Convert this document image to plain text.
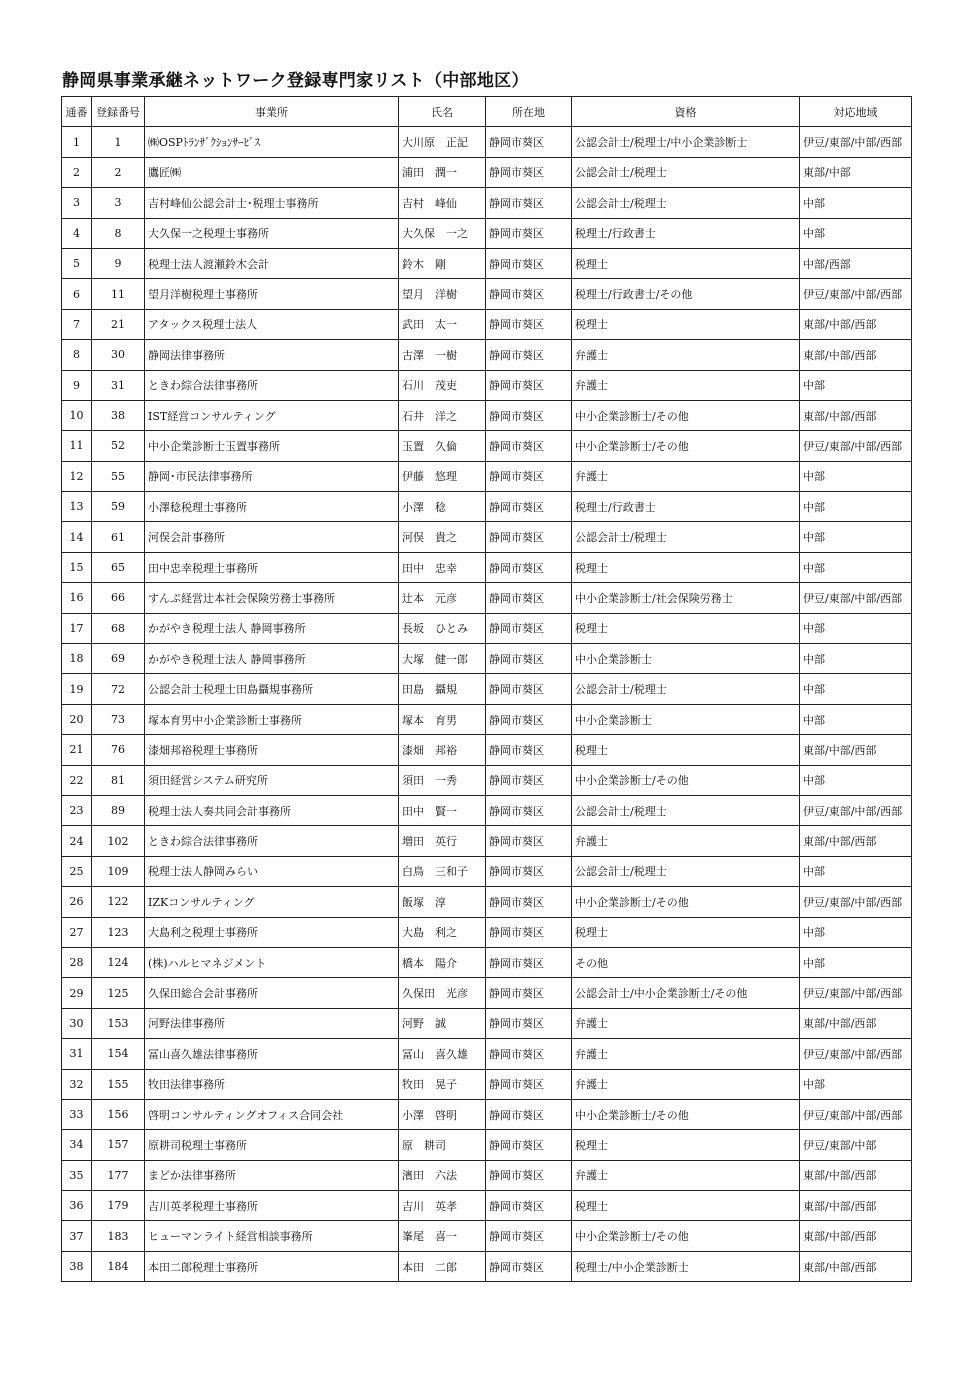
静岡県事業承継ネットワーク登録専門家リスト（中部地区）
通番	登録番号	事業所	氏名	所在地	資格	対応地域
1	1	㈱OSPﾄﾗﾝｻﾞｸｼｮﾝｻｰﾋﾞｽ	大川原　正記	静岡市葵区	公認会計士/税理士/中小企業診断士	伊豆/東部/中部/西部
2	2	鷹匠㈱	浦田　潤一	静岡市葵区	公認会計士/税理士	東部/中部
3	3	吉村峰仙公認会計士･税理士事務所	吉村　峰仙	静岡市葵区	公認会計士/税理士	中部
4	8	大久保一之税理士事務所	大久保　一之	静岡市葵区	税理士/行政書士	中部
5	9	税理士法人渡瀬鈴木会計	鈴木　剛	静岡市葵区	税理士	中部/西部
6	11	望月洋樹税理士事務所	望月　洋樹	静岡市葵区	税理士/行政書士/その他	伊豆/東部/中部/西部
7	21	アタックス税理士法人	武田　太一	静岡市葵区	税理士	東部/中部/西部
8	30	静岡法律事務所	古澤　一樹	静岡市葵区	弁護士	東部/中部/西部
9	31	ときわ綜合法律事務所	石川　茂吏	静岡市葵区	弁護士	中部
10	38	IST経営コンサルティング	石井　洋之	静岡市葵区	中小企業診断士/その他	東部/中部/西部
11	52	中小企業診断士玉置事務所	玉置　久倫	静岡市葵区	中小企業診断士/その他	伊豆/東部/中部/西部
12	55	静岡･市民法律事務所	伊藤　悠理	静岡市葵区	弁護士	中部
13	59	小澤稔税理士事務所	小澤　稔	静岡市葵区	税理士/行政書士	中部
14	61	河俣会計事務所	河俣　貴之	静岡市葵区	公認会計士/税理士	中部
15	65	田中忠幸税理士事務所	田中　忠幸	静岡市葵区	税理士	中部
16	66	すんぷ経営辻本社会保険労務士事務所	辻本　元彦	静岡市葵区	中小企業診断士/社会保険労務士	伊豆/東部/中部/西部
17	68	かがやき税理士法人 静岡事務所	長坂　ひとみ	静岡市葵区	税理士	中部
18	69	かがやき税理士法人 静岡事務所	大塚　健一郎	静岡市葵区	中小企業診断士	中部
19	72	公認会計士税理士田島攝規事務所	田島　攝規	静岡市葵区	公認会計士/税理士	中部
20	73	塚本育男中小企業診断士事務所	塚本　育男	静岡市葵区	中小企業診断士	中部
21	76	漆畑邦裕税理士事務所	漆畑　邦裕	静岡市葵区	税理士	東部/中部/西部
22	81	須田経営システム研究所	須田　一秀	静岡市葵区	中小企業診断士/その他	中部
23	89	税理士法人奏共同会計事務所	田中　賢一	静岡市葵区	公認会計士/税理士	伊豆/東部/中部/西部
24	102	ときわ綜合法律事務所	増田　英行	静岡市葵区	弁護士	東部/中部/西部
25	109	税理士法人静岡みらい	白鳥　三和子	静岡市葵区	公認会計士/税理士	中部
26	122	IZKコンサルティング	飯塚　淳	静岡市葵区	中小企業診断士/その他	伊豆/東部/中部/西部
27	123	大島利之税理士事務所	大島　利之	静岡市葵区	税理士	中部
28	124	(株)ハルヒマネジメント	橋本　陽介	静岡市葵区	その他	中部
29	125	久保田総合会計事務所	久保田　光彦	静岡市葵区	公認会計士/中小企業診断士/その他	伊豆/東部/中部/西部
30	153	河野法律事務所	河野　誠	静岡市葵区	弁護士	東部/中部/西部
31	154	冨山喜久雄法律事務所	冨山　喜久雄	静岡市葵区	弁護士	伊豆/東部/中部/西部
32	155	牧田法律事務所	牧田　晃子	静岡市葵区	弁護士	中部
33	156	啓明コンサルティングオフィス合同会社	小澤　啓明	静岡市葵区	中小企業診断士/その他	伊豆/東部/中部/西部
34	157	原耕司税理士事務所	原　耕司	静岡市葵区	税理士	伊豆/東部/中部
35	177	まどか法律事務所	濱田　六法	静岡市葵区	弁護士	東部/中部/西部
36	179	吉川英孝税理士事務所	吉川　英孝	静岡市葵区	税理士	東部/中部/西部
37	183	ヒューマンライト経営相談事務所	峯尾　喜一	静岡市葵区	中小企業診断士/その他	東部/中部/西部
38	184	本田二郎税理士事務所	本田　二郎	静岡市葵区	税理士/中小企業診断士	東部/中部/西部
